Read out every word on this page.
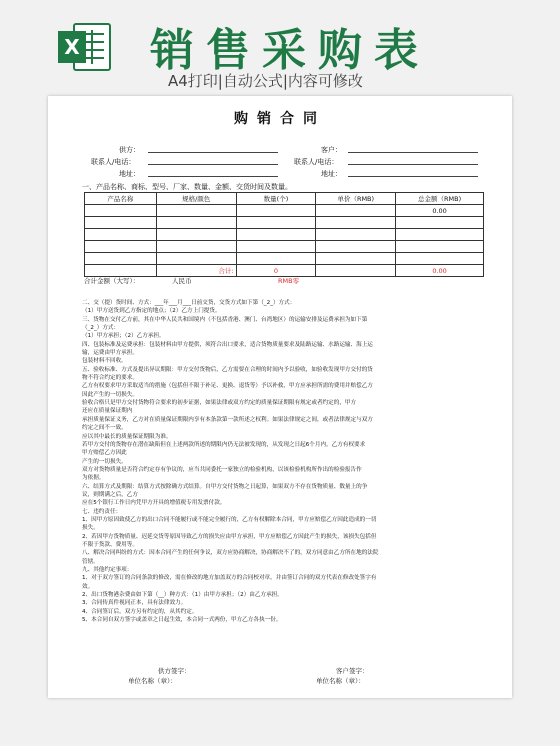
X 销售采购表
A4打印|自动公式|内容可修改
购销合同
供方：	客户：
联系人/电话：	联系人/电话：
地址：	地址：
一、产品名称、商标、型号、厂家、数量、金额、交货时间及数量。
产品名称	规格/颜色	数量(个)	单价（RMB)	总金额（RMB)
				0.00

	合计:	0		0.00
合计金额（大写）：	人民币	RMB零

二、交（提）货时间、方式：___年___月___日前交货，交货方式如下第（_2_）方式：

（1）甲方送货到乙方指定的地点；（2）乙方上门提货。

三、货物在交付乙方前，其在中华人民共和国境内（不包括香港、澳门、台湾地区）的运输安排及运费承担为如下第

（_2_）方式：

（1）甲方承担；（2）乙方承担。

四、包装标准及运费承担：包装材料由甲方提供，须符合出口要求，适合货物质量要求及陆路运输、水路运输、海上运

输，运费由甲方承担。

包装材料不回收。

五、验收标准、方式及提出异议期限：甲方交付货物后，乙方需要在合理的时间内予以验收，如验收发现甲方交付的货

物不符合约定的要求。

乙方有权要求甲方采取适当的措施（包括但不限于补足、更换、退货等）予以补救，甲方应承担所需的费用并赔偿乙方

因此产生的一切损失。

验收合格只是甲方交付货物符合要求的初步证据，如果法律或双方约定的质量保证期限有规定或者约定的，甲方

还应在质量保证期内

承担质量保证义务，乙方对在质量保证期限内享有本条款第一款所述之权利。如果法律规定之间，或者法律规定与双方

约定之间不一致，

应以其中最长的质量保证期限为准。

若甲方交付的货物存在潜在缺陷但在上述两款所述的期限内仍无法被发现的，从发现之日起6个月内，乙方有权要求

甲方赔偿乙方因此

产生的一切损失。

双方对货物质量是否符合约定存有争议的，应当共同委托一家独立的检验机构，以该检验机构所作出的检验报告作

为依据。

六、结算方式及期限：结算方式按除确方式结算。自甲方交付货物之日起算，如果双方不存在货物质量、数量上的争

议，则期满之后，乙方

应在5个银行工作日内凭甲方开具的增值税专用发票付款。

七、违约责任：

1、因甲方原因致使乙方的出口合同不能履行或不能完全履行的，乙方有权解除本合同，甲方应赔偿乙方因此造成的一切

损失。

2、若因甲方货物质量、迟延交货等原因导致乙方的损失应由甲方承担，甲方应赔偿乙方因此产生的损失，该损失包括但

不限于货款、费用等。

八、解决合同纠纷的方式：因本合同产生的任何争议，双方应协商解决，协商解决不了的，双方同意由乙方所在地的法院

管辖。

九、其他约定事项：

1、对于双方签订的合同条款的修改，需在修改的地方加盖双方的合同校对章，并由签订合同的双方代表在修改处签字有

效。

2、出口货物港杂费由如下第（__）种方式：（1）由甲方承担；（2）由乙方承担。

3、合同传真件视同正本，具有法律效力。

4、合同签订后，双方另有约定的，从其约定。

5、本合同自双方签字或盖章之日起生效，本合同一式两份，甲方乙方各执一份。

供方签字：
单位名称（章）：
客户签字：
单位名称（章）：
